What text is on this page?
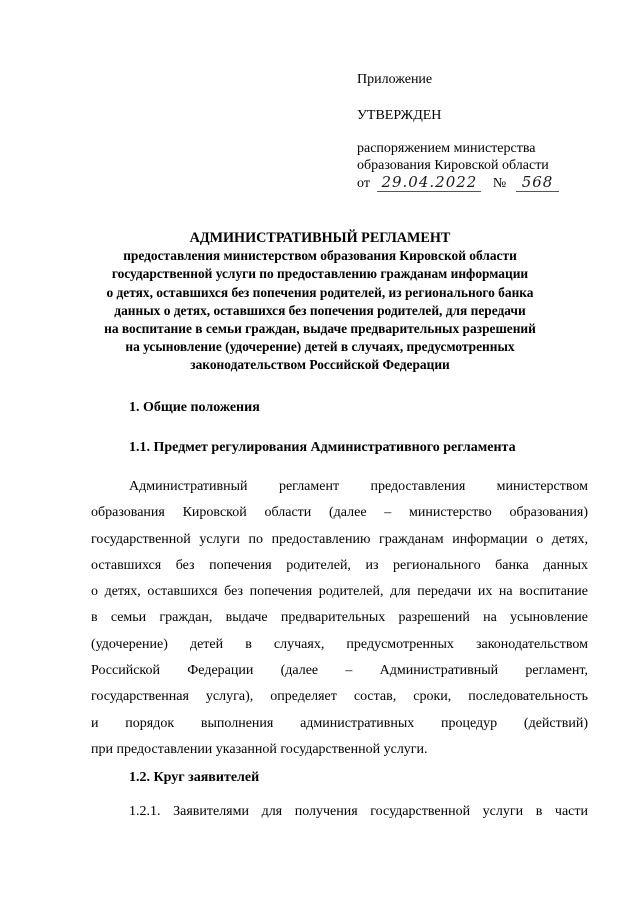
Приложение
УТВЕРЖДЕН
распоряжением министерства
образования Кировской области
от 29.04.2022 № 568
АДМИНИСТРАТИВНЫЙ РЕГЛАМЕНТ
предоставления министерством образования Кировской области
государственной услуги по предоставлению гражданам информации
о детях, оставшихся без попечения родителей, из регионального банка
данных о детях, оставшихся без попечения родителей, для передачи
на воспитание в семьи граждан, выдаче предварительных разрешений
на усыновление (удочерение) детей в случаях, предусмотренных
законодательством Российской Федерации
1. Общие положения
1.1. Предмет регулирования Административного регламента
Административный регламент предоставления министерством
образования Кировской области (далее – министерство образования)
государственной услуги по предоставлению гражданам информации о детях,
оставшихся без попечения родителей, из регионального банка данных
о детях, оставшихся без попечения родителей, для передачи их на воспитание
в семьи граждан, выдаче предварительных разрешений на усыновление
(удочерение) детей в случаях, предусмотренных законодательством
Российской Федерации (далее – Административный регламент,
государственная услуга), определяет состав, сроки, последовательность
и порядок выполнения административных процедур (действий)
при предоставлении указанной государственной услуги.
1.2. Круг заявителей
1.2.1. Заявителями для получения государственной услуги в части
